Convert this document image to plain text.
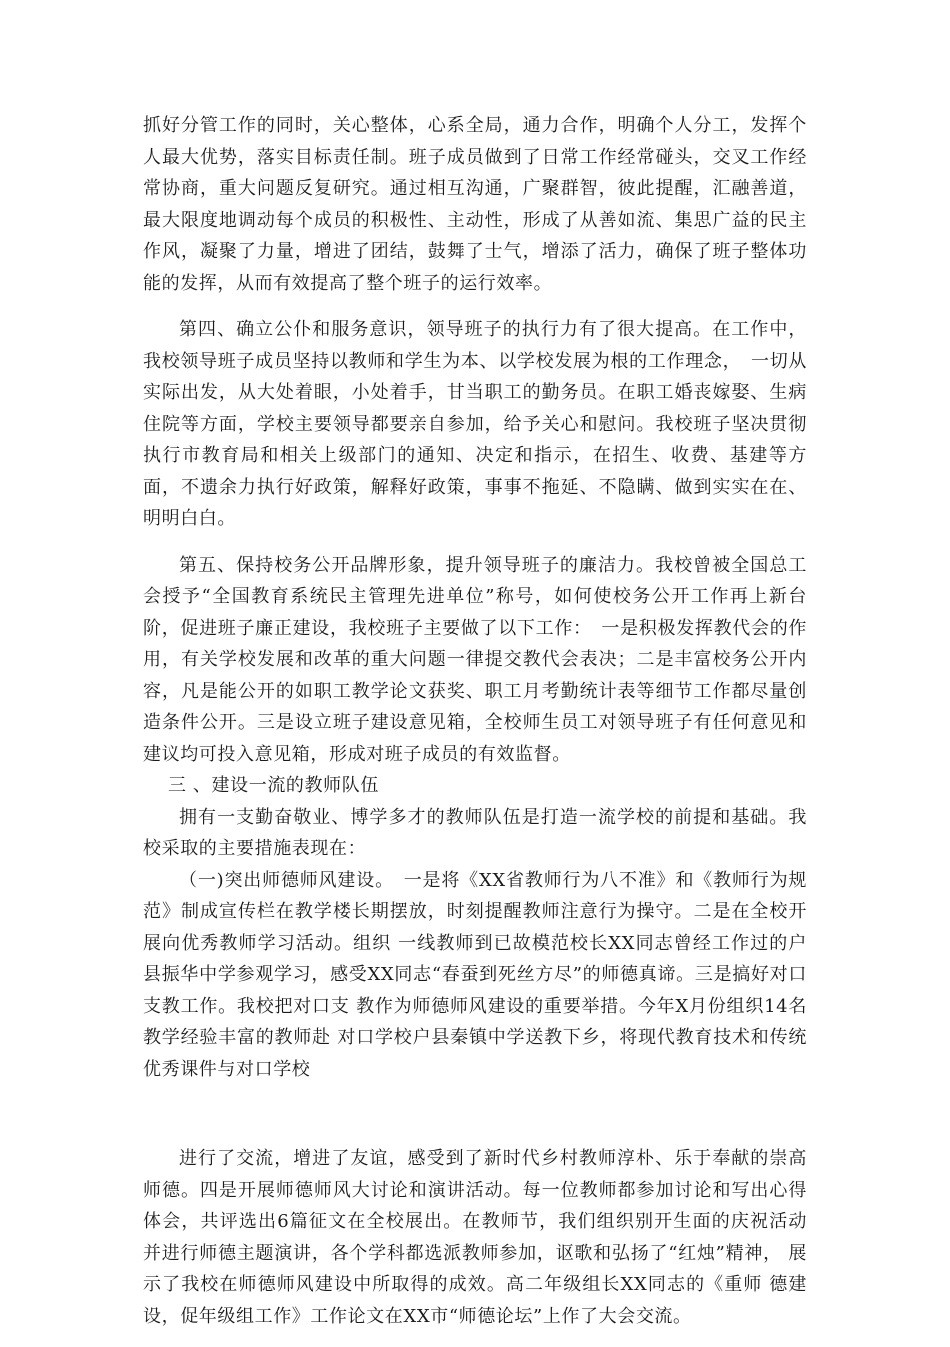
抓好分管工作的同时，关心整体，心系全局，通力合作，明确个人分工，发挥个人最大优势，落实目标责任制。班子成员做到了日常工作经常碰头，交叉工作经常协商，重大问题反复研究。通过相互沟通，广聚群智，彼此提醒，汇融善道，最大限度地调动每个成员的积极性、主动性，形成了从善如流、集思广益的民主作风，凝聚了力量，增进了团结，鼓舞了士气，增添了活力，确保了班子整体功能的发挥，从而有效提高了整个班子的运行效率。

第四、确立公仆和服务意识，领导班子的执行力有了很大提高。在工作中，我校领导班子成员坚持以教师和学生为本、以学校发展为根的工作理念，　一切从实际出发，从大处着眼，小处着手，甘当职工的勤务员。在职工婚丧嫁娶、生病住院等方面，学校主要领导都要亲自参加，给予关心和慰问。我校班子坚决贯彻执行市教育局和相关上级部门的通知、决定和指示，在招生、收费、基建等方面，不遗余力执行好政策，解释好政策，事事不拖延、不隐瞒、做到实实在在、明明白白。

第五、保持校务公开品牌形象，提升领导班子的廉洁力。我校曾被全国总工会授予“全国教育系统民主管理先进单位”称号，如何使校务公开工作再上新台阶，促进班子廉正建设，我校班子主要做了以下工作：　一是积极发挥教代会的作用，有关学校发展和改革的重大问题一律提交教代会表决；二是丰富校务公开内容，凡是能公开的如职工教学论文获奖、职工月考勤统计表等细节工作都尽量创造条件公开。三是设立班子建设意见箱，全校师生员工对领导班子有任何意见和建议均可投入意见箱，形成对班子成员的有效监督。

三 、建设一流的教师队伍

拥有一支勤奋敬业、博学多才的教师队伍是打造一流学校的前提和基础。我校采取的主要措施表现在：

（一)突出师德师风建设。　一是将《XX省教师行为八不准》和《教师行为规范》制成宣传栏在教学楼长期摆放，时刻提醒教师注意行为操守。二是在全校开展向优秀教师学习活动。组织 一线教师到已故模范校长XX同志曾经工作过的户县振华中学参观学习，感受XX同志“春蚕到死丝方尽”的师德真谛。三是搞好对口支教工作。我校把对口支 教作为师德师风建设的重要举措。今年X月份组织14名教学经验丰富的教师赴 对口学校户县秦镇中学送教下乡，将现代教育技术和传统优秀课件与对口学校

进行了交流，增进了友谊，感受到了新时代乡村教师淳朴、乐于奉献的崇高师德。四是开展师德师风大讨论和演讲活动。每一位教师都参加讨论和写出心得体会，共评选出6篇征文在全校展出。在教师节，我们组织别开生面的庆祝活动 并进行师德主题演讲，各个学科都选派教师参加，讴歌和弘扬了“红烛”精神， 展示了我校在师德师风建设中所取得的成效。高二年级组长XX同志的《重师 德建设，促年级组工作》工作论文在XX市“师德论坛”上作了大会交流。
